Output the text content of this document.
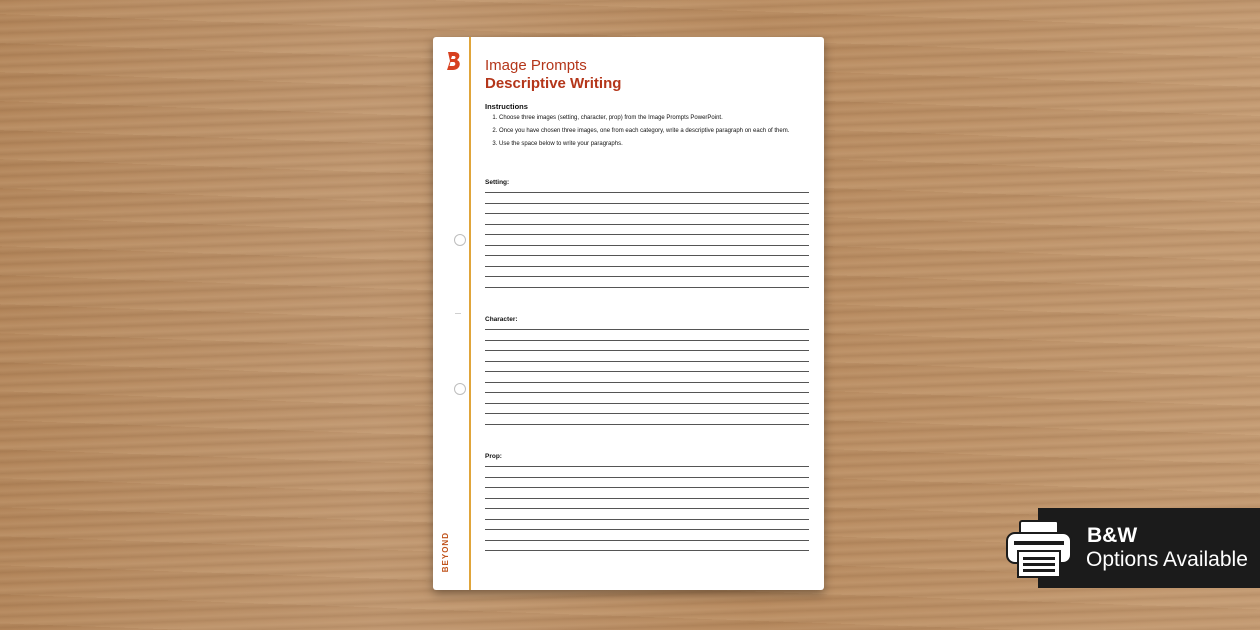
BEYOND

Image Prompts

Descriptive Writing

Instructions
1. Choose three images (setting, character, prop) from the Image Prompts PowerPoint.
2. Once you have chosen three images, one from each category, write a descriptive paragraph on each of them.
3. Use the space below to write your paragraphs.
Setting:
Character:
Prop:
B&W
Options Available
